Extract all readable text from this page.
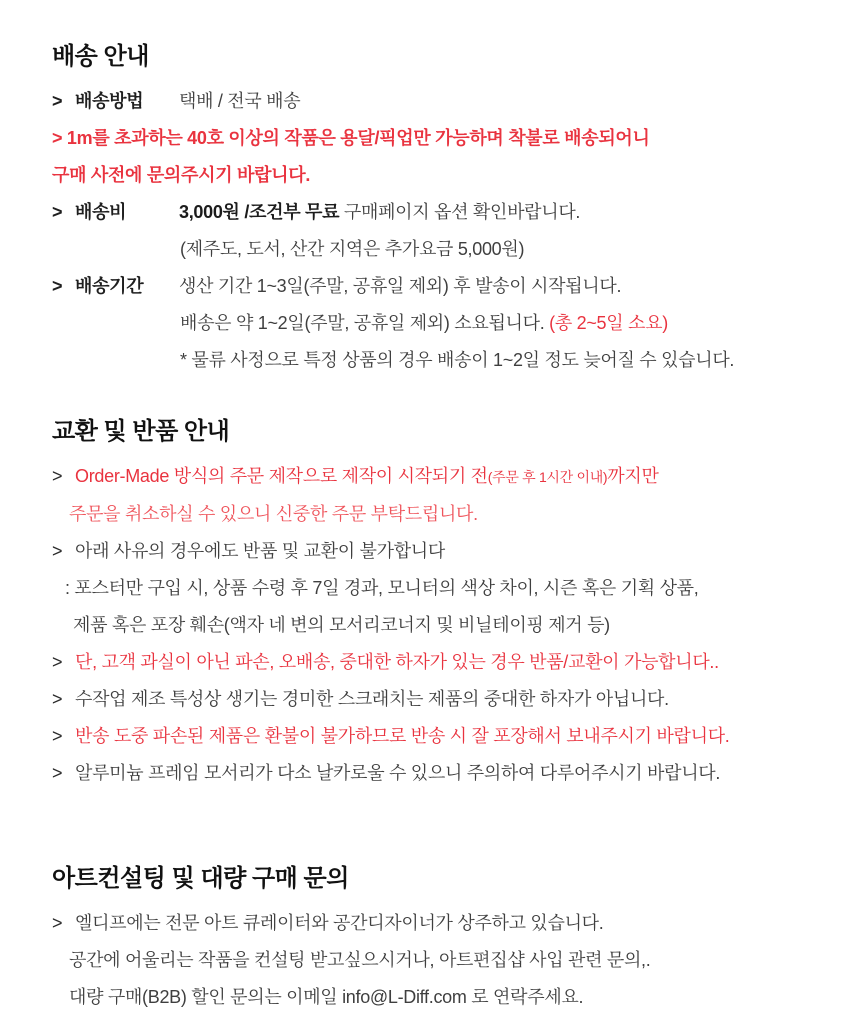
배송 안내
> 배송방법	택배 / 전국 배송
> 1m를 초과하는 40호 이상의 작품은 용달/픽업만 가능하며 착불로 배송되어니
구매 사전에 문의주시기 바랍니다.
> 배송비	3,000원 /조건부 무료 구매페이지 옵션 확인바랍니다.
(제주도, 도서, 산간 지역은 추가요금 5,000원)
> 배송기간	생산 기간 1~3일(주말, 공휴일 제외) 후 발송이 시작됩니다.
배송은 약 1~2일(주말, 공휴일 제외) 소요됩니다. (총 2~5일 소요)
* 물류 사정으로 특정 상품의 경우 배송이 1~2일 정도 늦어질 수 있습니다.
교환 및 반품 안내
> Order-Made 방식의 주문 제작으로 제작이 시작되기 전(주문 후 1시간 이내)까지만
주문을 취소하실 수 있으니 신중한 주문 부탁드립니다.
> 아래 사유의 경우에도 반품 및 교환이 불가합니다
: 포스터만 구입 시, 상품 수령 후 7일 경과, 모니터의 색상 차이, 시즌 혹은 기획 상품,
제품 혹은 포장 훼손(액자 네 변의 모서리코너지 및 비닐테이핑 제거 등)
> 단, 고객 과실이 아닌 파손, 오배송, 중대한 하자가 있는 경우 반품/교환이 가능합니다..
> 수작업 제조 특성상 생기는 경미한 스크래치는 제품의 중대한 하자가 아닙니다.
> 반송 도중 파손된 제품은 환불이 불가하므로 반송 시 잘 포장해서 보내주시기 바랍니다.
> 알루미늄 프레임 모서리가 다소 날카로울 수 있으니 주의하여 다루어주시기 바랍니다.
아트컨설팅 및 대량 구매 문의
> 엘디프에는 전문 아트 큐레이터와 공간디자이너가 상주하고 있습니다.
공간에 어울리는 작품을 컨설팅 받고싶으시거나, 아트편집샵 사입 관련 문의,.
대량 구매(B2B) 할인 문의는 이메일 info@L-Diff.com 로 연락주세요.
